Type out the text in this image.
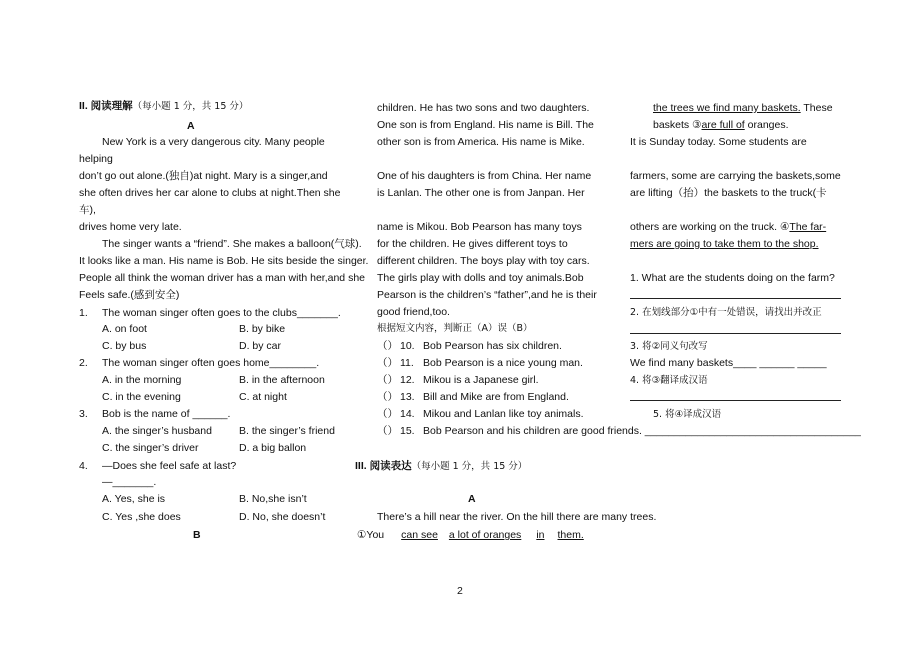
II. 阅读理解（每小题 1 分，共 15 分）
A
New York is a very dangerous city. Many people
helping
don’t go out alone.(独自)at night. Mary is a singer,and
she often drives her car alone to clubs at night.Then she
车),
drives home very late.
The singer wants a “friend”. She makes a balloon(气球).
It looks like a man. His name is Bob. He sits beside the singer.
People all think the woman driver has a man with her,and she
Feels safe.(感到安全)
1. The woman singer often goes to the clubs_______.
A. on foot	B. by bike
C. by bus	D. by car
2. The woman singer often goes home________.
A. in the morning	B. in the afternoon
C. in the evening	C. at night
3. Bob is the name of ______.
A. the singer’s husband	B. the singer’s friend
C. the singer’s driver	D. a big ballon
4. —Does she feel safe at last?
—_______.
A. Yes, she is	B. No,she isn’t
C. Yes ,she does	D. No, she doesn’t
B
children. He has two sons and two daughters.
One son is from England. His name is Bill. The
other son is from America. His name is Mike.
One of his daughters is from China. Her name
is Lanlan. The other one is from Janpan. Her
name is Mikou. Bob Pearson has many toys
for the children. He gives different toys to
different children. The boys play with toy cars.
The girls play with dolls and toy animals.Bob
Pearson is the children’s “father”,and he is their
good friend,too.
根据短文内容，判断正（A）误（B）
（） 10. Bob Pearson has six children.
（） 11. Bob Pearson is a nice young man.
（） 12. Mikou is a Japanese girl.
（） 13. Bill and Mike are from England.
（） 14. Mikou and Lanlan like toy animals.
（） 15. Bob Pearson and his children are good friends. _____________________________________
III. 阅读表达（每小题 1 分，共 15 分）
A
There’s a hill near the river. On the hill there are many trees.
①You can see a lot of oranges in them.
the trees we find many baskets. These
baskets ③are full of oranges.
It is Sunday today. Some students are
farmers, some are carrying the baskets,some
are lifting（抬）the baskets to the truck(卡
others are working on the truck. ④The far-
mers are going to take them to the shop.
1. What are the students doing on the farm?
2. 在划线部分①中有一处错误，请找出并改正
3. 将②同义句改写
We find many baskets____ ______ _____
4. 将③翻译成汉语
5. 将④译成汉语
2
